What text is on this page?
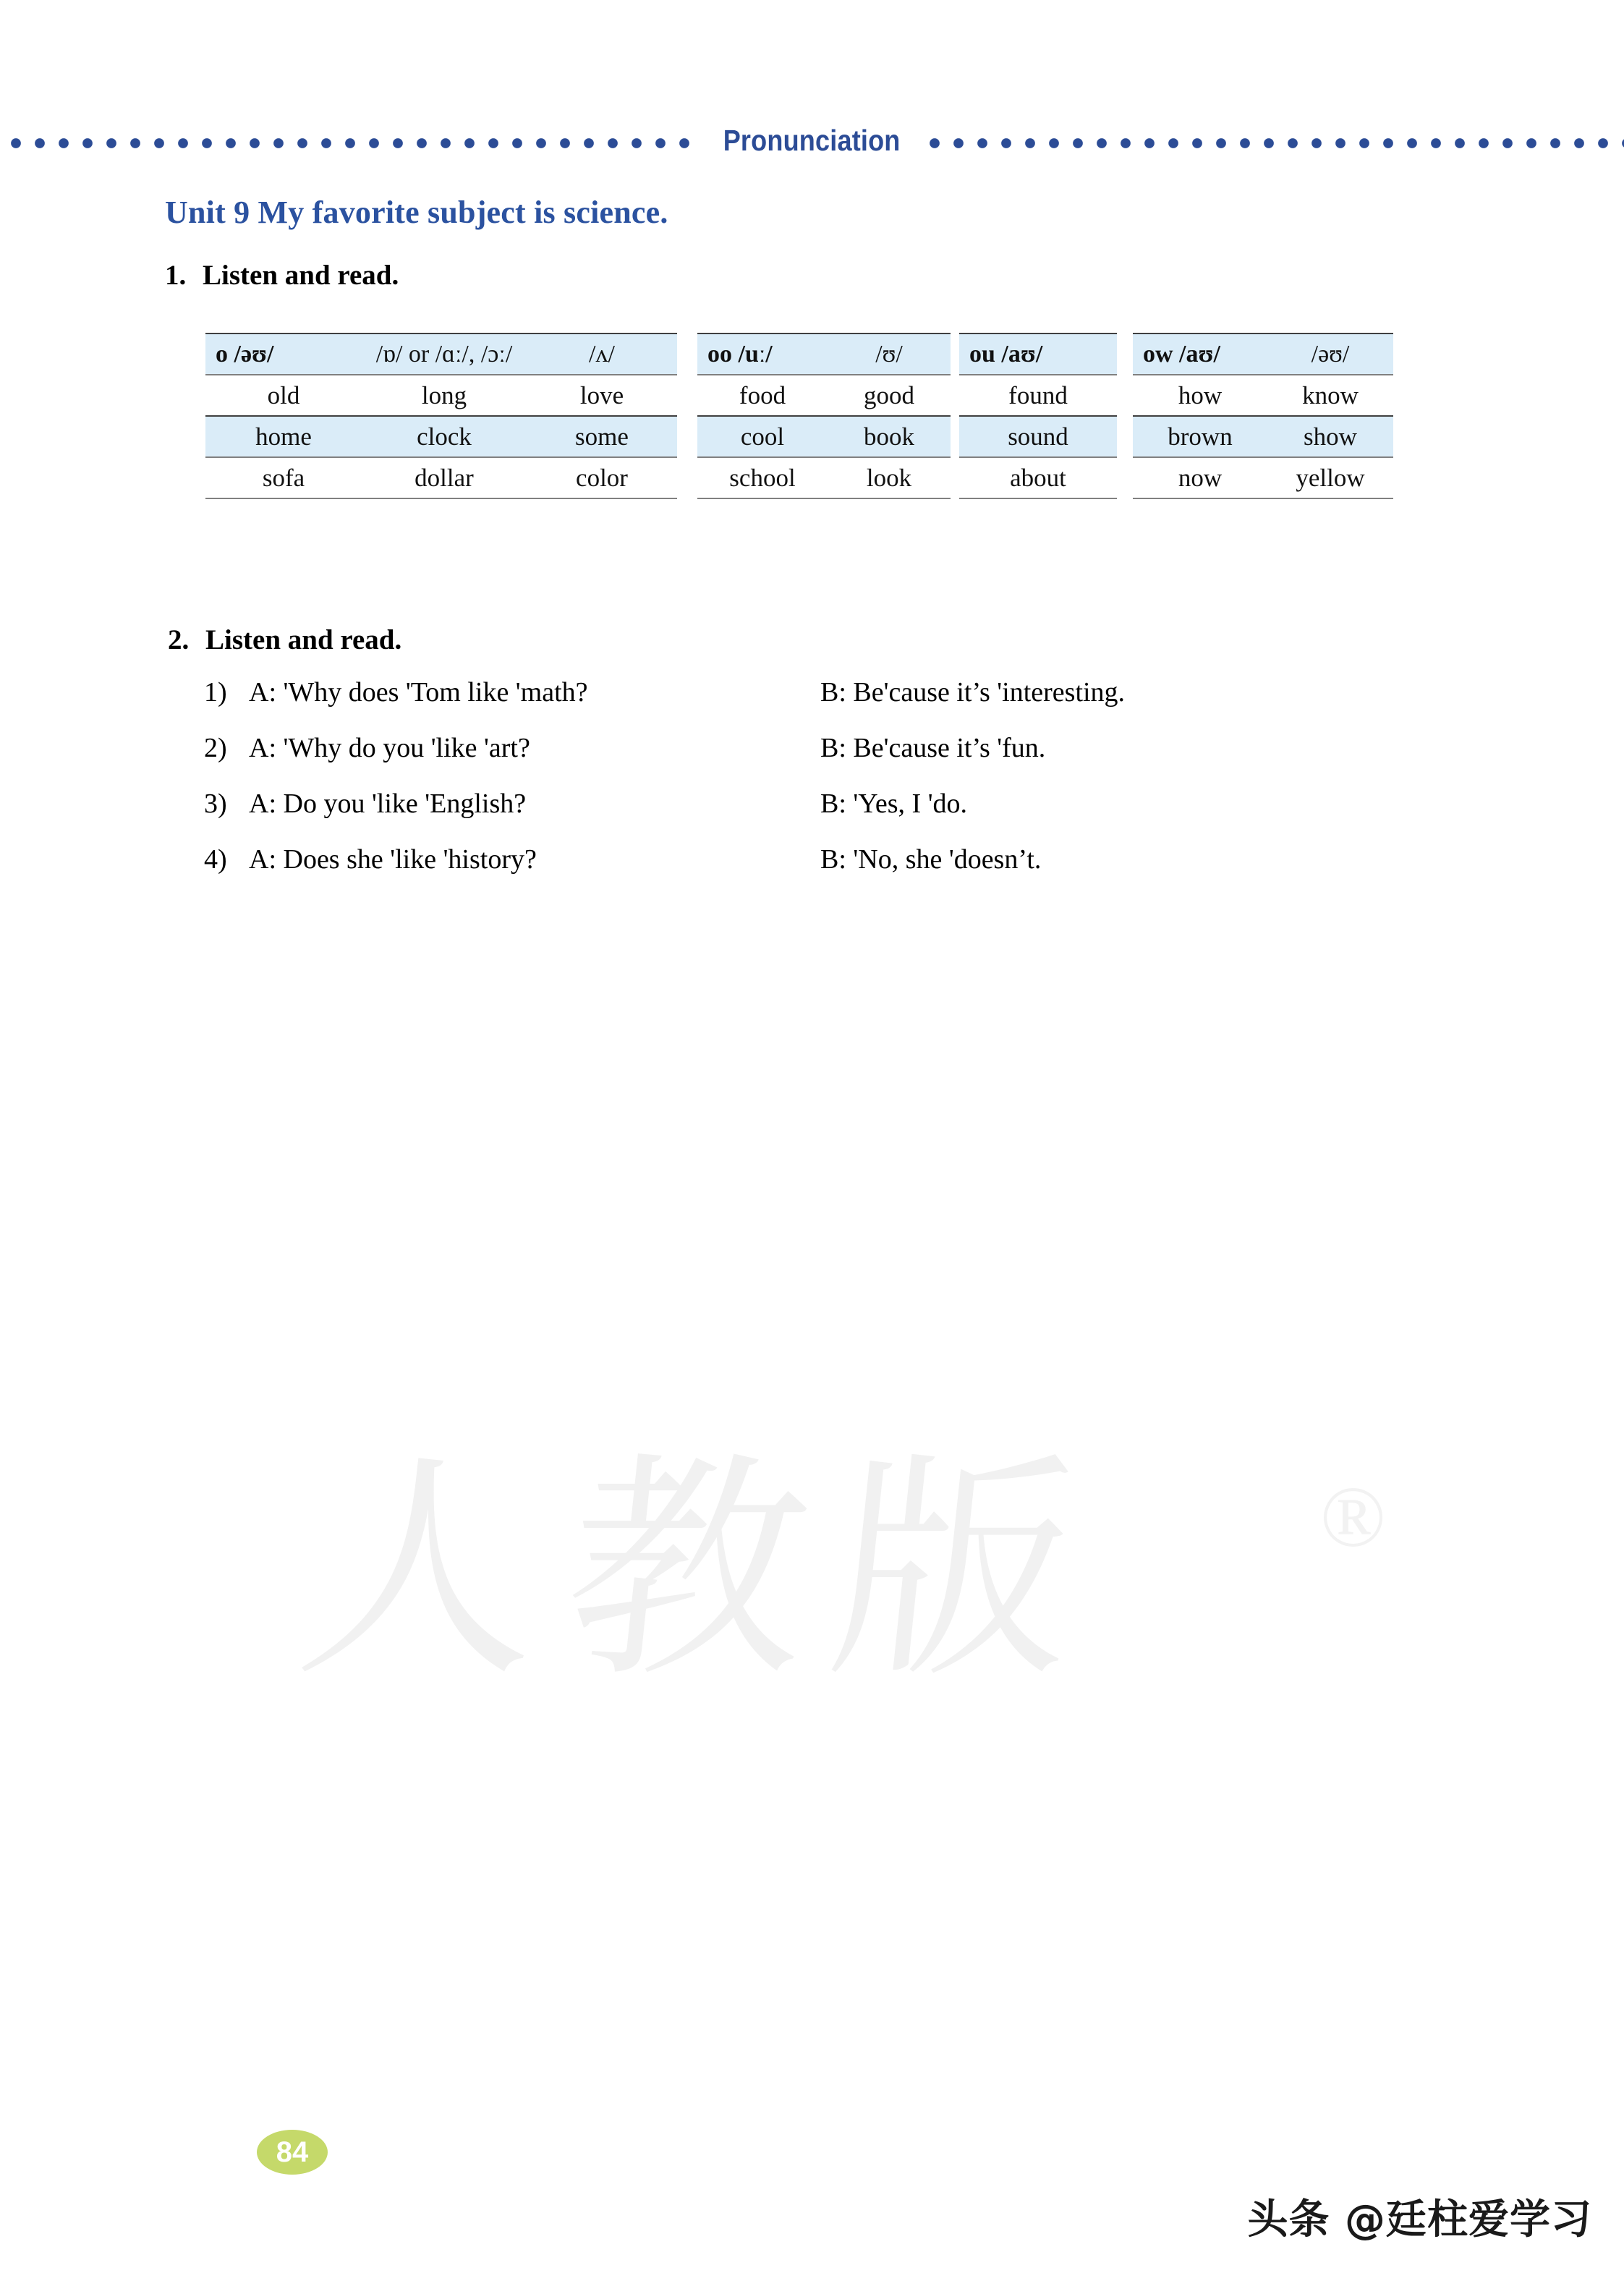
Pronunciation
Unit 9 My favorite subject is science.
1. Listen and read.
o /əʊ/	/ɒ/ or /ɑː/, /ɔː/	/ʌ/
old	long	love
home	clock	some
sofa	dollar	color
oo /uː/	/ʊ/
food	good
cool	book
school	look
ou /aʊ/
found
sound
about
ow /aʊ/	/əʊ/
how	know
brown	show
now	yellow
2. Listen and read.
1) A: 'Why does 'Tom like 'math?	B: Be'cause it’s 'interesting.
2) A: 'Why do you 'like 'art?	B: Be'cause it’s 'fun.
3) A: Do you 'like 'English?	B: 'Yes, I 'do.
4) A: Does she 'like 'history?	B: 'No, she 'doesn’t.
人教版	®
84
头条 @廷柱爱学习
